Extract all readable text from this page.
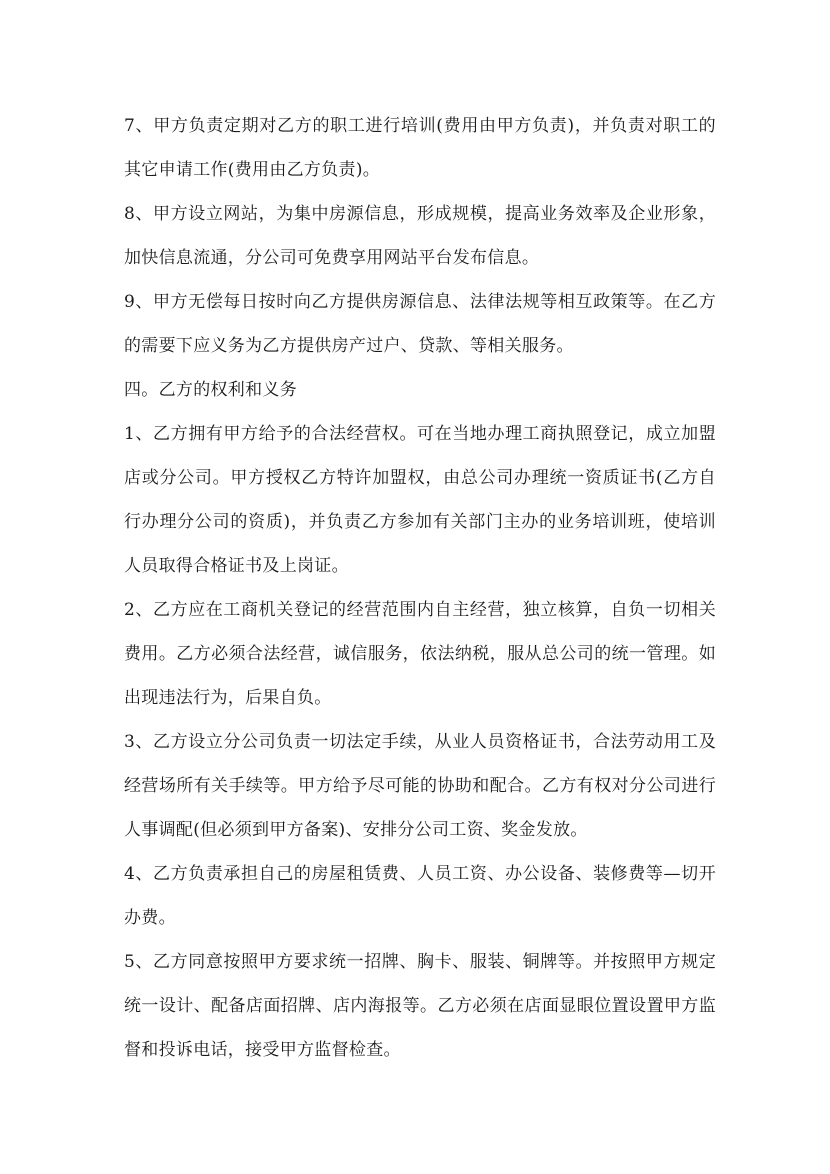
7、甲方负责定期对乙方的职工进行培训(费用由甲方负责)，并负责对职工的其它申请工作(费用由乙方负责)。

8、甲方设立网站，为集中房源信息，形成规模，提高业务效率及企业形象，加快信息流通，分公司可免费享用网站平台发布信息。

9、甲方无偿每日按时向乙方提供房源信息、法律法规等相互政策等。在乙方的需要下应义务为乙方提供房产过户、贷款、等相关服务。

四。乙方的权利和义务

1、乙方拥有甲方给予的合法经营权。可在当地办理工商执照登记，成立加盟店或分公司。甲方授权乙方特许加盟权，由总公司办理统一资质证书(乙方自行办理分公司的资质)，并负责乙方参加有关部门主办的业务培训班，使培训人员取得合格证书及上岗证。

2、乙方应在工商机关登记的经营范围内自主经营，独立核算，自负一切相关费用。乙方必须合法经营，诚信服务，依法纳税，服从总公司的统一管理。如出现违法行为，后果自负。

3、乙方设立分公司负责一切法定手续，从业人员资格证书，合法劳动用工及经营场所有关手续等。甲方给予尽可能的协助和配合。乙方有权对分公司进行人事调配(但必须到甲方备案)、安排分公司工资、奖金发放。

4、乙方负责承担自己的房屋租赁费、人员工资、办公设备、装修费等—切开办费。

5、乙方同意按照甲方要求统一招牌、胸卡、服装、铜牌等。并按照甲方规定统一设计、配备店面招牌、店内海报等。乙方必须在店面显眼位置设置甲方监督和投诉电话，接受甲方监督检查。
